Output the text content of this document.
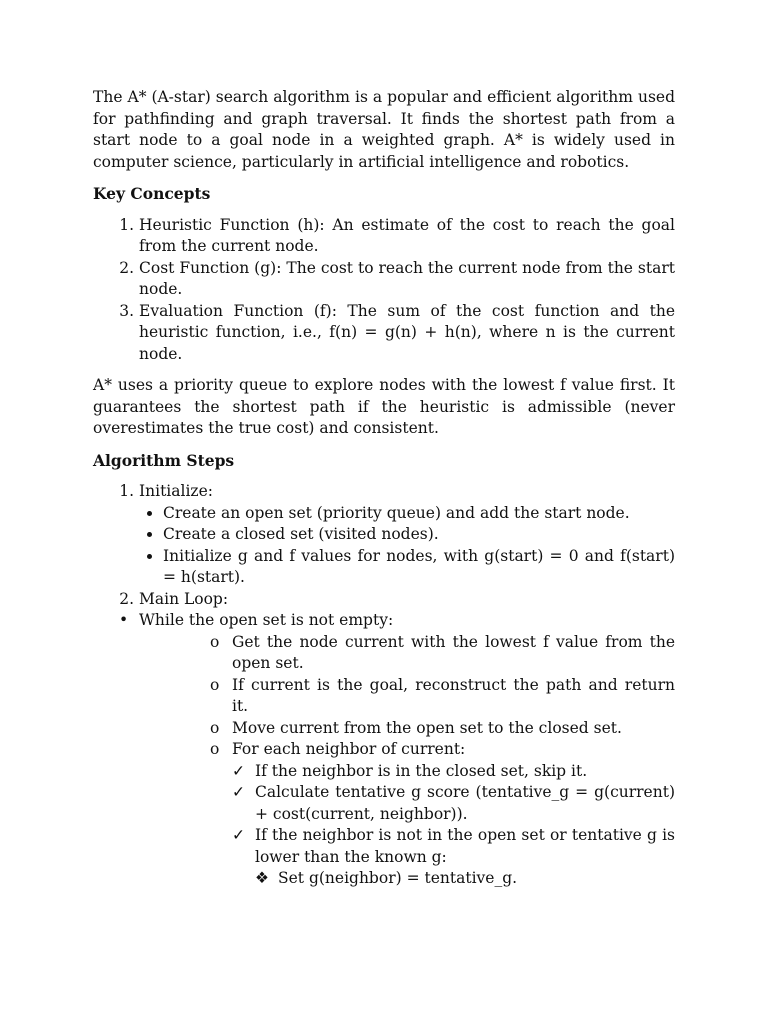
The A* (A-star) search algorithm is a popular and efficient algorithm used for pathfinding and graph traversal. It finds the shortest path from a start node to a goal node in a weighted graph. A* is widely used in computer science, particularly in artificial intelligence and robotics.

Key Concepts

1. Heuristic Function (h): An estimate of the cost to reach the goal from the current node.
2. Cost Function (g): The cost to reach the current node from the start node.
3. Evaluation Function (f): The sum of the cost function and the heuristic function, i.e., f(n) = g(n) + h(n), where n is the current node.

A* uses a priority queue to explore nodes with the lowest f value first. It guarantees the shortest path if the heuristic is admissible (never overestimates the true cost) and consistent.

Algorithm Steps

1. Initialize:
• Create an open set (priority queue) and add the start node.
• Create a closed set (visited nodes).
• Initialize g and f values for nodes, with g(start) = 0 and f(start) = h(start).
2. Main Loop:
• While the open set is not empty:
o Get the node current with the lowest f value from the open set.
o If current is the goal, reconstruct the path and return it.
o Move current from the open set to the closed set.
o For each neighbor of current:
✓ If the neighbor is in the closed set, skip it.
✓ Calculate tentative g score (tentative_g = g(current) + cost(current, neighbor)).
✓ If the neighbor is not in the open set or tentative g is lower than the known g:
❖ Set g(neighbor) = tentative_g.
